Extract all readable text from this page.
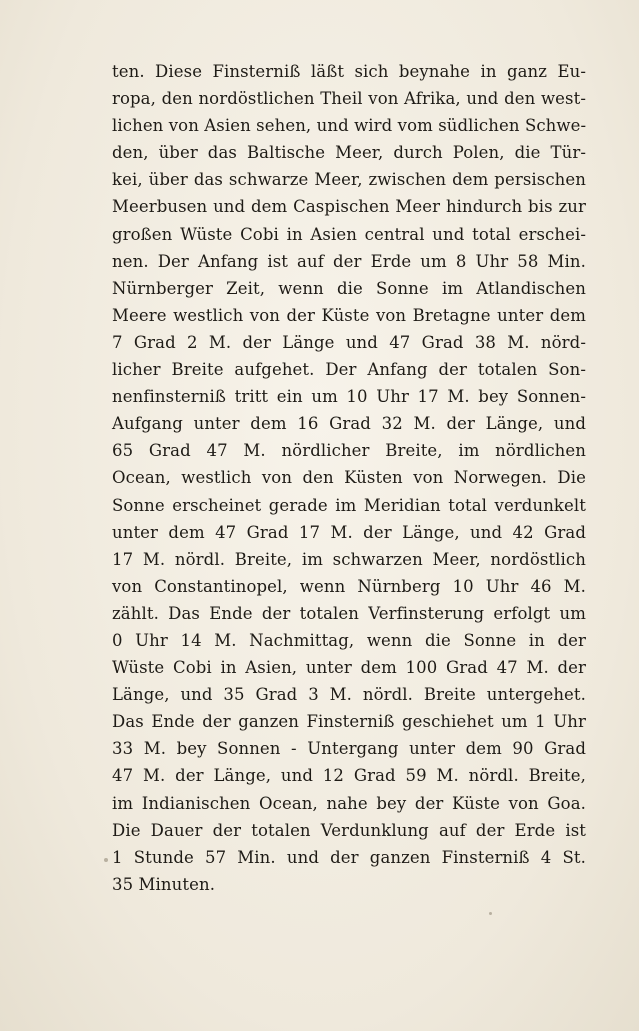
ten. Diese Finsterniß läßt sich beynahe in ganz Eu-
ropa, den nordöstlichen Theil von Afrika, und den west-
lichen von Asien sehen, und wird vom südlichen Schwe-
den, über das Baltische Meer, durch Polen, die Tür-
kei, über das schwarze Meer, zwischen dem persischen
Meerbusen und dem Caspischen Meer hindurch bis zur
großen Wüste Cobi in Asien central und total erschei-
nen. Der Anfang ist auf der Erde um 8 Uhr 58 Min.
Nürnberger Zeit, wenn die Sonne im Atlandischen
Meere westlich von der Küste von Bretagne unter dem
7 Grad 2 M. der Länge und 47 Grad 38 M. nörd-
licher Breite aufgehet. Der Anfang der totalen Son-
nenfinsterniß tritt ein um 10 Uhr 17 M. bey Sonnen-
Aufgang unter dem 16 Grad 32 M. der Länge, und
65 Grad 47 M. nördlicher Breite, im nördlichen
Ocean, westlich von den Küsten von Norwegen. Die
Sonne erscheinet gerade im Meridian total verdunkelt
unter dem 47 Grad 17 M. der Länge, und 42 Grad
17 M. nördl. Breite, im schwarzen Meer, nordöstlich
von Constantinopel, wenn Nürnberg 10 Uhr 46 M.
zählt. Das Ende der totalen Verfinsterung erfolgt um
0 Uhr 14 M. Nachmittag, wenn die Sonne in der
Wüste Cobi in Asien, unter dem 100 Grad 47 M. der
Länge, und 35 Grad 3 M. nördl. Breite untergehet.
Das Ende der ganzen Finsterniß geschiehet um 1 Uhr
33 M. bey Sonnen - Untergang unter dem 90 Grad
47 M. der Länge, und 12 Grad 59 M. nördl. Breite,
im Indianischen Ocean, nahe bey der Küste von Goa.
Die Dauer der totalen Verdunklung auf der Erde ist
1 Stunde 57 Min. und der ganzen Finsterniß 4 St.
35 Minuten.
